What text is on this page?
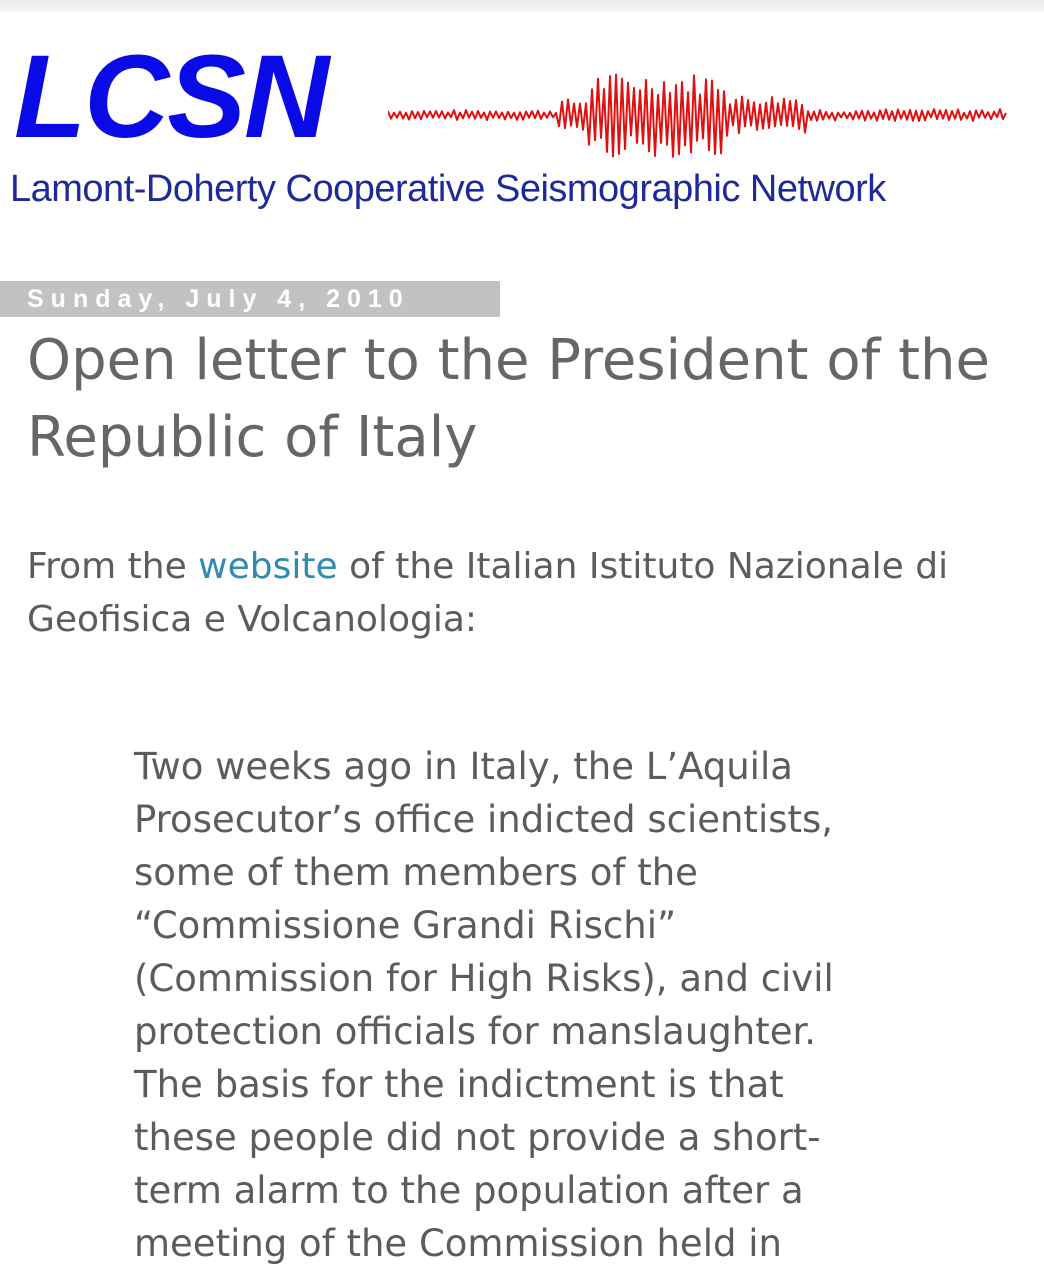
LCSN

Lamont-Doherty Cooperative Seismographic Network

Sunday, July 4, 2010
Open letter to the President of the Republic of Italy

From the website of the Italian Istituto Nazionale di Geofisica e Volcanologia:

Two weeks ago in Italy, the L’Aquila
Prosecutor’s office indicted scientists,
some of them members of the
“Commissione Grandi Rischi”
(Commission for High Risks), and civil
protection officials for manslaughter.
The basis for the indictment is that
these people did not provide a short-
term alarm to the population after a
meeting of the Commission held in
